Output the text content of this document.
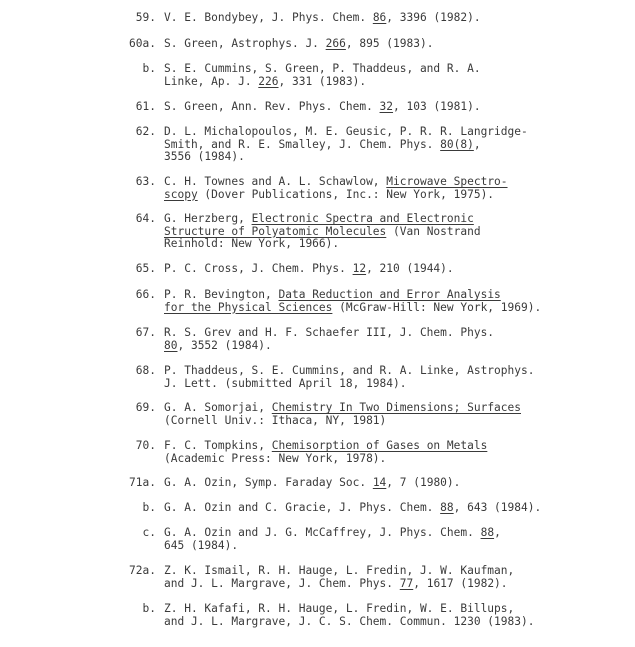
59. V. E. Bondybey, J. Phys. Chem. 86, 3396 (1982).
60a. S. Green, Astrophys. J. 266, 895 (1983).
b. S. E. Cummins, S. Green, P. Thaddeus, and R. A.
Linke, Ap. J. 226, 331 (1983).
61. S. Green, Ann. Rev. Phys. Chem. 32, 103 (1981).
62. D. L. Michalopoulos, M. E. Geusic, P. R. R. Langridge-
Smith, and R. E. Smalley, J. Chem. Phys. 80(8),
3556 (1984).
63. C. H. Townes and A. L. Schawlow, Microwave Spectro-
scopy (Dover Publications, Inc.: New York, 1975).
64. G. Herzberg, Electronic Spectra and Electronic
Structure of Polyatomic Molecules (Van Nostrand
Reinhold: New York, 1966).
65. P. C. Cross, J. Chem. Phys. 12, 210 (1944).
66. P. R. Bevington, Data Reduction and Error Analysis
for the Physical Sciences (McGraw-Hill: New York, 1969).
67. R. S. Grev and H. F. Schaefer III, J. Chem. Phys.
80, 3552 (1984).
68. P. Thaddeus, S. E. Cummins, and R. A. Linke, Astrophys.
J. Lett. (submitted April 18, 1984).
69. G. A. Somorjai, Chemistry In Two Dimensions; Surfaces
(Cornell Univ.: Ithaca, NY, 1981)
70. F. C. Tompkins, Chemisorption of Gases on Metals
(Academic Press: New York, 1978).
71a. G. A. Ozin, Symp. Faraday Soc. 14, 7 (1980).
b. G. A. Ozin and C. Gracie, J. Phys. Chem. 88, 643 (1984).
c. G. A. Ozin and J. G. McCaffrey, J. Phys. Chem. 88,
645 (1984).
72a. Z. K. Ismail, R. H. Hauge, L. Fredin, J. W. Kaufman,
and J. L. Margrave, J. Chem. Phys. 77, 1617 (1982).
b. Z. H. Kafafi, R. H. Hauge, L. Fredin, W. E. Billups,
and J. L. Margrave, J. C. S. Chem. Commun. 1230 (1983).
